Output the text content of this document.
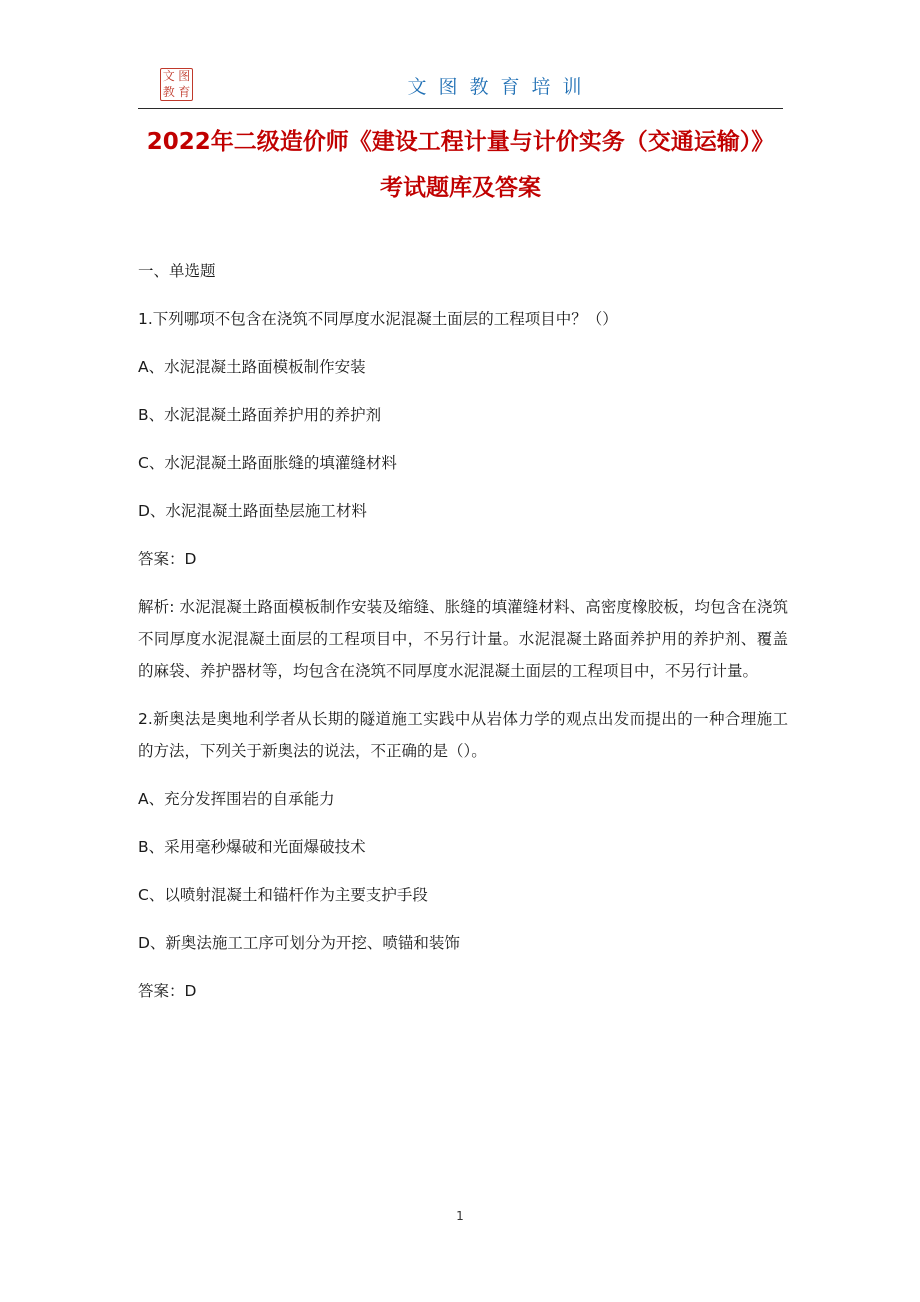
文 图
教 育	文图教育培训
2022年二级造价师《建设工程计量与计价实务（交通运输）》考试题库及答案

一、单选题

1.下列哪项不包含在浇筑不同厚度水泥混凝土面层的工程项目中？（）

A、水泥混凝土路面模板制作安装

B、水泥混凝土路面养护用的养护剂

C、水泥混凝土路面胀缝的填灌缝材料

D、水泥混凝土路面垫层施工材料

答案：D

解析: 水泥混凝土路面模板制作安装及缩缝、胀缝的填灌缝材料、高密度橡胶板，均包含在浇筑不同厚度水泥混凝土面层的工程项目中，不另行计量。水泥混凝土路面养护用的养护剂、覆盖的麻袋、养护器材等，均包含在浇筑不同厚度水泥混凝土面层的工程项目中，不另行计量。

2.新奥法是奥地利学者从长期的隧道施工实践中从岩体力学的观点出发而提出的一种合理施工的方法，下列关于新奥法的说法，不正确的是（）。

A、充分发挥围岩的自承能力

B、采用毫秒爆破和光面爆破技术

C、以喷射混凝土和锚杆作为主要支护手段

D、新奥法施工工序可划分为开挖、喷锚和装饰

答案：D

1
